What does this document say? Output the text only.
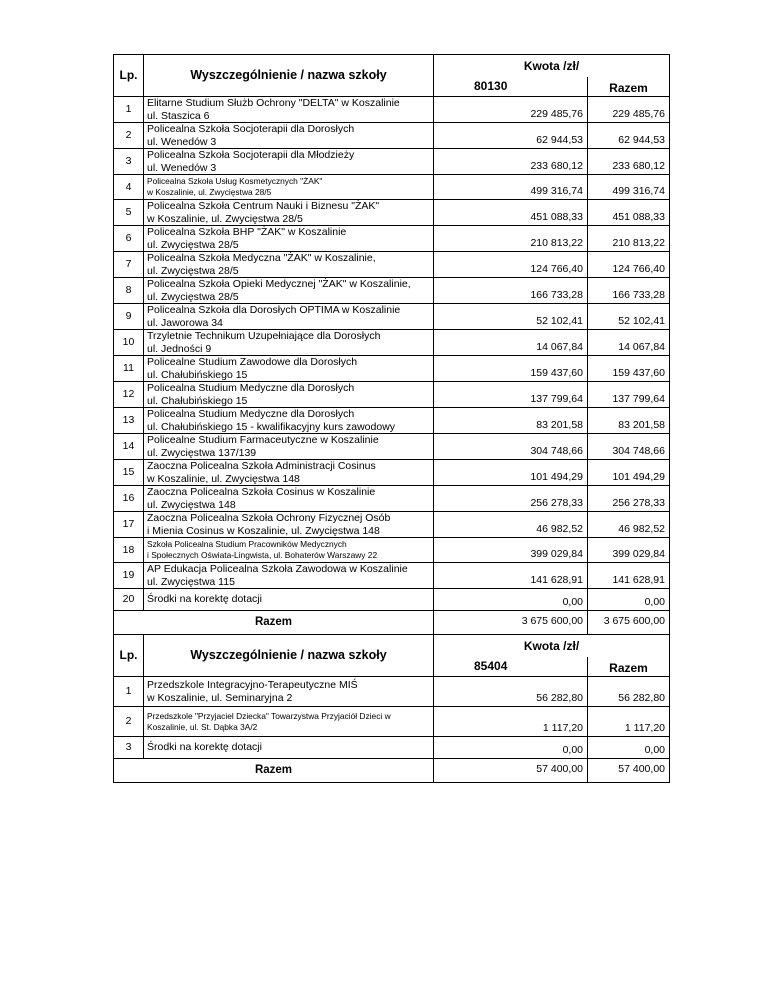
Lp.	Wyszczególnienie / nazwa szkoły	Kwota /zł/	
		80130	Razem
1	Elitarne Studium Służb Ochrony "DELTA" w Koszalinie
ul. Staszica 6	229 485,76	229 485,76
2	Policealna Szkoła Socjoterapii dla Dorosłych
ul. Wenedów 3	62 944,53	62 944,53
3	Policealna Szkoła Socjoterapii dla Młodzieży
ul. Wenedów 3	233 680,12	233 680,12
4	Policealna Szkoła Usług Kosmetycznych "ŻAK"
w Koszalinie, ul. Zwycięstwa 28/5	499 316,74	499 316,74
5	Policealna Szkoła Centrum Nauki i Biznesu "ŻAK"
w Koszalinie, ul. Zwycięstwa 28/5	451 088,33	451 088,33
6	Policealna Szkoła BHP "ŻAK" w Koszalinie
ul. Zwycięstwa 28/5	210 813,22	210 813,22
7	Policealna Szkoła Medyczna "ŻAK" w Koszalinie,
ul. Zwycięstwa 28/5	124 766,40	124 766,40
8	Policealna Szkoła Opieki Medycznej "ŻAK" w Koszalinie,
ul. Zwycięstwa 28/5	166 733,28	166 733,28
9	Policealna Szkoła dla Dorosłych OPTIMA w Koszalinie
ul. Jaworowa 34	52 102,41	52 102,41
10	Trzyletnie Technikum Uzupełniające dla Dorosłych
ul. Jedności 9	14 067,84	14 067,84
11	Policealne Studium Zawodowe dla Dorosłych
ul. Chałubińskiego 15	159 437,60	159 437,60
12	Policealna Studium Medyczne dla Dorosłych
ul. Chałubińskiego 15	137 799,64	137 799,64
13	Policealna Studium Medyczne dla Dorosłych
ul. Chałubińskiego 15 - kwalifikacyjny kurs zawodowy	83 201,58	83 201,58
14	Policealne Studium Farmaceutyczne w Koszalinie
ul. Zwycięstwa 137/139	304 748,66	304 748,66
15	Zaoczna Policealna Szkoła Administracji Cosinus
w Koszalinie, ul. Zwycięstwa 148	101 494,29	101 494,29
16	Zaoczna Policealna Szkoła Cosinus w Koszalinie
ul. Zwycięstwa 148	256 278,33	256 278,33
17	Zaoczna Policealna Szkoła Ochrony Fizycznej Osób
i Mienia Cosinus w Koszalinie, ul. Zwycięstwa 148	46 982,52	46 982,52
18	Szkoła Policealna Studium Pracowników Medycznych
i Społecznych Oświata-Lingwista, ul. Bohaterów Warszawy 22	399 029,84	399 029,84
19	AP Edukacja Policealna Szkoła Zawodowa w Koszalinie
ul. Zwycięstwa 115	141 628,91	141 628,91
20	Środki na korektę dotacji	0,00	0,00
Razem		3 675 600,00	3 675 600,00
Lp.	Wyszczególnienie / nazwa szkoły	Kwota /zł/	
		85404	Razem
1	Przedszkole Integracyjno-Terapeutyczne MIŚ
w Koszalinie, ul. Seminaryjna 2	56 282,80	56 282,80
2	Przedszkole "Przyjaciel Dziecka" Towarzystwa Przyjaciół Dzieci w
Koszalinie, ul. St. Dąbka 3A/2	1 117,20	1 117,20
3	Środki na korektę dotacji	0,00	0,00
Razem		57 400,00	57 400,00
